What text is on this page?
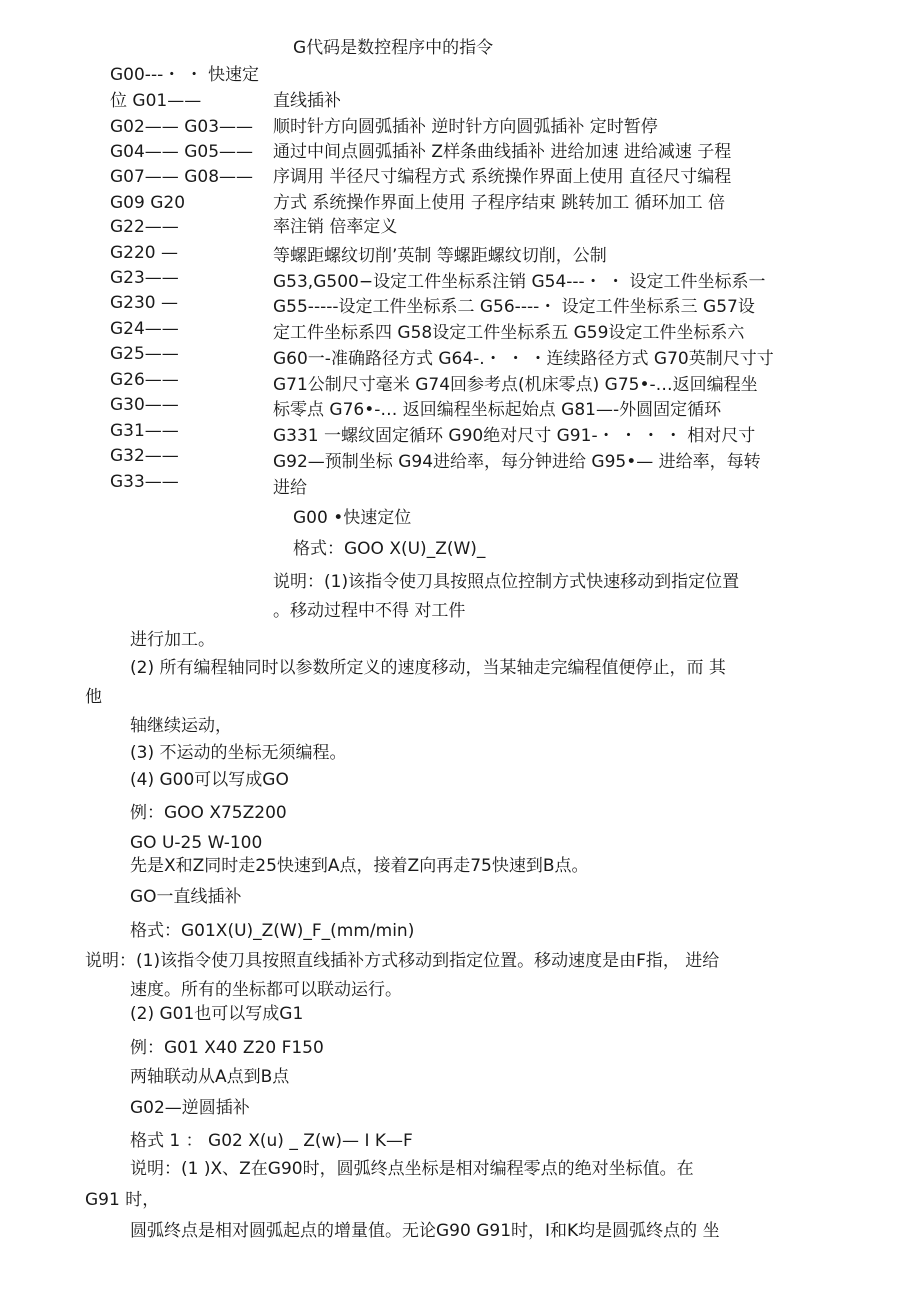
G代码是数控程序中的指令
G00---・ ・ 快速定
位 G01——
G02—— G03——
G04—— G05——
G07—— G08——
G09 G20
G22——
G220 —
G23——
G230 —
G24——
G25——
G26——
G30——
G31——
G32——
G33——
直线插补
顺时针方向圆弧插补 逆时针方向圆弧插补 定时暂停
通过中间点圆弧插补 Z样条曲线插补 进给加速 进给减速 子程
序调用 半径尺寸编程方式 系统操作界面上使用 直径尺寸编程
方式 系统操作界面上使用 子程序结束 跳转加工 循环加工 倍
率注销 倍率定义
等螺距螺纹切削’英制 等螺距螺纹切削，公制
G53,G500−设定工件坐标系注销 G54---・ ・ 设定工件坐标系一
G55-----设定工件坐标系二 G56----・ 设定工件坐标系三 G57设
定工件坐标系四 G58设定工件坐标系五 G59设定工件坐标系六
G60一-准确路径方式 G64-.・ ・ ・连续路径方式 G70英制尺寸寸
G71公制尺寸毫米 G74回参考点(机床零点) G75•-…返回编程坐
标零点 G76•-… 返回编程坐标起始点 G81—-外圆固定循环
G331 一螺纹固定循环 G90绝对尺寸 G91-・ ・ ・ ・ 相对尺寸
G92—预制坐标 G94进给率，每分钟进给 G95•— 进给率，每转
进给
G00 •快速定位
格式：GOO X(U)_Z(W)_
说明：(1)该指令使刀具按照点位控制方式快速移动到指定位置
。移动过程中不得 对工件
进行加工。
(2) 所有编程轴同时以参数所定义的速度移动，当某轴走完编程值便停止，而 其
他
轴继续运动，
(3) 不运动的坐标无须编程。
(4) G00可以写成GO
例：GOO X75Z200
GO U-25 W-100
先是X和Z同时走25快速到A点，接着Z向再走75快速到B点。
GO一直线插补
格式：G01X(U)_Z(W)_F_(mm/min)
说明：(1)该指令使刀具按照直线插补方式移动到指定位置。移动速度是由F指， 进给
速度。所有的坐标都可以联动运行。
(2) G01也可以写成G1
例：G01 X40 Z20 F150
两轴联动从A点到B点
G02—逆圆插补
格式 1 ： G02 X(u) _ Z(w)— I K—F
说明：(1 )X、Z在G90时，圆弧终点坐标是相对编程零点的绝对坐标值。在
G91 时，
圆弧终点是相对圆弧起点的增量值。无论G90 G91时，I和K均是圆弧终点的 坐
